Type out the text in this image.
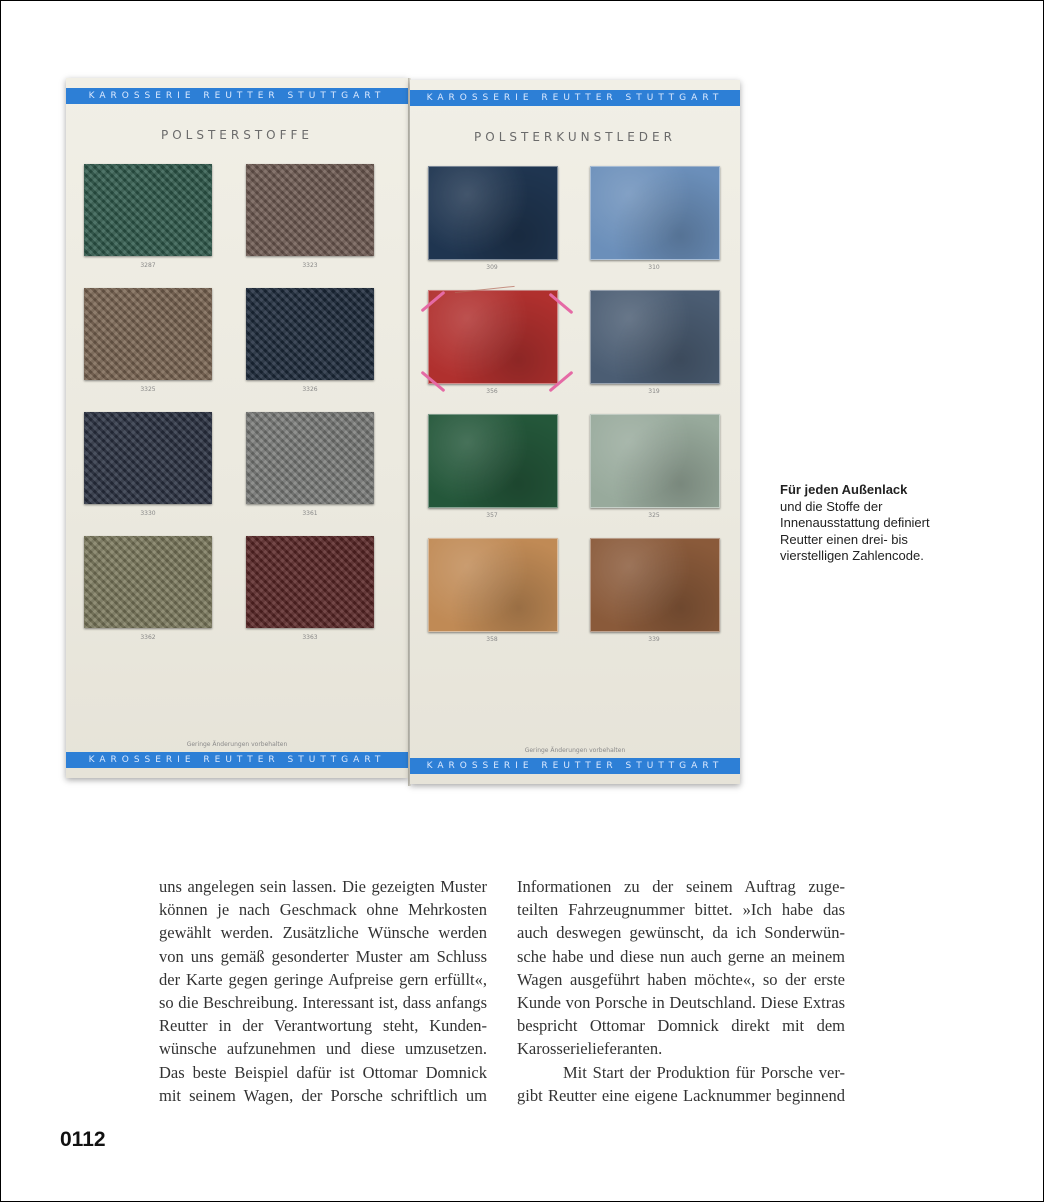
KAROSSERIE REUTTER STUTTGART
POLSTERSTOFFE
3287	3323
3325	3326
3330	3361
3362	3363
Geringe Änderungen vorbehalten
KAROSSERIE REUTTER STUTTGART
KAROSSERIE REUTTER STUTTGART
POLSTERKUNSTLEDER
309	310
356	319
357	325
358	339
Geringe Änderungen vorbehalten
KAROSSERIE REUTTER STUTTGART
Für jeden Außenlack
und die Stoffe der
Innenausstattung definiert
Reutter einen drei- bis
vierstelligen Zahlencode.
uns angelegen sein lassen. Die gezeigten Muster
können je nach Geschmack ohne Mehrkosten
gewählt werden. Zusätzliche Wünsche werden
von uns gemäß gesonderter Muster am Schluss
der Karte gegen geringe Aufpreise gern erfüllt«,
so die Beschreibung. Interessant ist, dass anfangs
Reutter in der Verantwortung steht, Kunden-
wünsche aufzunehmen und diese umzusetzen.
Das beste Beispiel dafür ist Ottomar Domnick
mit seinem Wagen, der Porsche schriftlich um
Informationen zu der seinem Auftrag zuge-
teilten Fahrzeugnummer bittet. »Ich habe das
auch deswegen gewünscht, da ich Sonderwün-
sche habe und diese nun auch gerne an meinem
Wagen ausgeführt haben möchte«, so der erste
Kunde von Porsche in Deutschland. Diese Extras
bespricht Ottomar Domnick direkt mit dem
Karosserielieferanten.
Mit Start der Produktion für Porsche ver-
gibt Reutter eine eigene Lacknummer beginnend
0112
